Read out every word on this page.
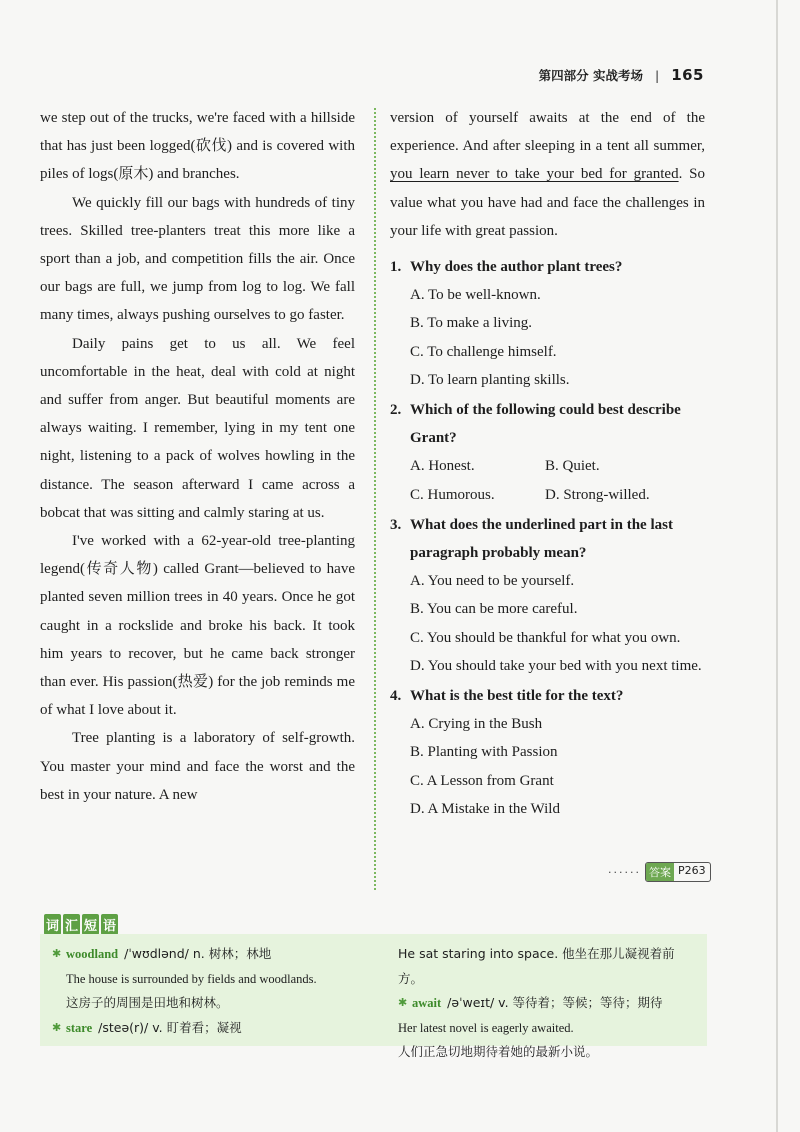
第四部分 实战考场 | 165

we step out of the trucks, we're faced with a hillside that has just been logged(砍伐) and is covered with piles of logs(原木) and branches.

We quickly fill our bags with hundreds of tiny trees. Skilled tree-planters treat this more like a sport than a job, and competition fills the air. Once our bags are full, we jump from log to log. We fall many times, always pushing ourselves to go faster.

Daily pains get to us all. We feel uncomfortable in the heat, deal with cold at night and suffer from anger. But beautiful moments are always waiting. I remember, lying in my tent one night, listening to a pack of wolves howling in the distance. The season afterward I came across a bobcat that was sitting and calmly staring at us.

I've worked with a 62-year-old tree-planting legend(传奇人物) called Grant—believed to have planted seven million trees in 40 years. Once he got caught in a rockslide and broke his back. It took him years to recover, but he came back stronger than ever. His passion(热爱) for the job reminds me of what I love about it.

Tree planting is a laboratory of self-growth. You master your mind and face the worst and the best in your nature. A new

version of yourself awaits at the end of the experience. And after sleeping in a tent all summer, you learn never to take your bed for granted. So value what you have had and face the challenges in your life with great passion.

1. Why does the author plant trees?
A. To be well-known.
B. To make a living.
C. To challenge himself.
D. To learn planting skills.
2. Which of the following could best describe Grant?
A. Honest.	B. Quiet.
C. Humorous.	D. Strong-willed.
3. What does the underlined part in the last paragraph probably mean?
A. You need to be yourself.
B. You can be more careful.
C. You should be thankful for what you own.
D. You should take your bed with you next time.
4. What is the best title for the text?
A. Crying in the Bush
B. Planting with Passion
C. A Lesson from Grant
D. A Mistake in the Wild
······ 答案 P263
词 汇 短 语
✱ woodland /ˈwʊdlənd/ n. 树林；林地
The house is surrounded by fields and woodlands.
这房子的周围是田地和树林。
✱ stare /steə(r)/ v. 盯着看；凝视
He sat staring into space. 他坐在那儿凝视着前方。
✱ await /əˈweɪt/ v. 等待着；等候；等待；期待
Her latest novel is eagerly awaited.
人们正急切地期待着她的最新小说。
